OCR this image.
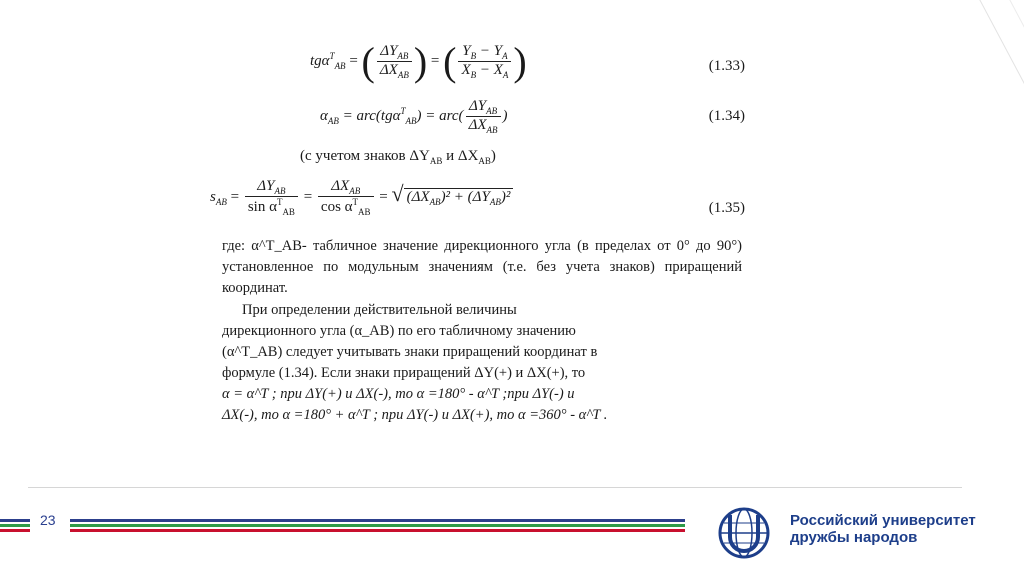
tgα$^T_{AB}$ = ( $\frac{\Delta Y_{AB}}{\Delta X_{AB}}$ ) = ( $\frac{Y_B - Y_A}{X_B - X_A}$ )	(1.33)
$\alpha_{AB} = arc(tg\alpha^T_{AB}) = arc( \frac{\Delta Y_{AB}}{\Delta X_{AB}}$ )	(1.34)
(с учетом знаков $\Delta Y_{AB}$ и $\Delta X_{AB}$)
$s_{AB} = \frac{\Delta Y_{AB}}{\sin \alpha^T_{AB}} = \frac{\Delta X_{AB}}{\cos \alpha^T_{AB}}$ = √ $(\Delta X_{AB})^2 + (\Delta Y_{AB})^2$
(1.35)
где: α^T_AB- табличное значение дирекционного угла (в пределах от 0° до 90°) установленное по модульным значениям (т.е. без учета знаков) приращений координат.
При определении действительной величины
дирекционного угла (α_AB) по его табличному значению
(α^T_AB) следует учитывать знаки приращений координат в
формуле (1.34). Если знаки приращений ΔY(+) и ΔX(+), то
α = α^T ; при ΔY(+) и ΔX(-), то α =180° - α^T ;при ΔY(-) и
ΔX(-), то α =180° + α^T ; при ΔY(-) и ΔX(+), то α =360° - α^T .
23	Российский университет
дружбы народов
